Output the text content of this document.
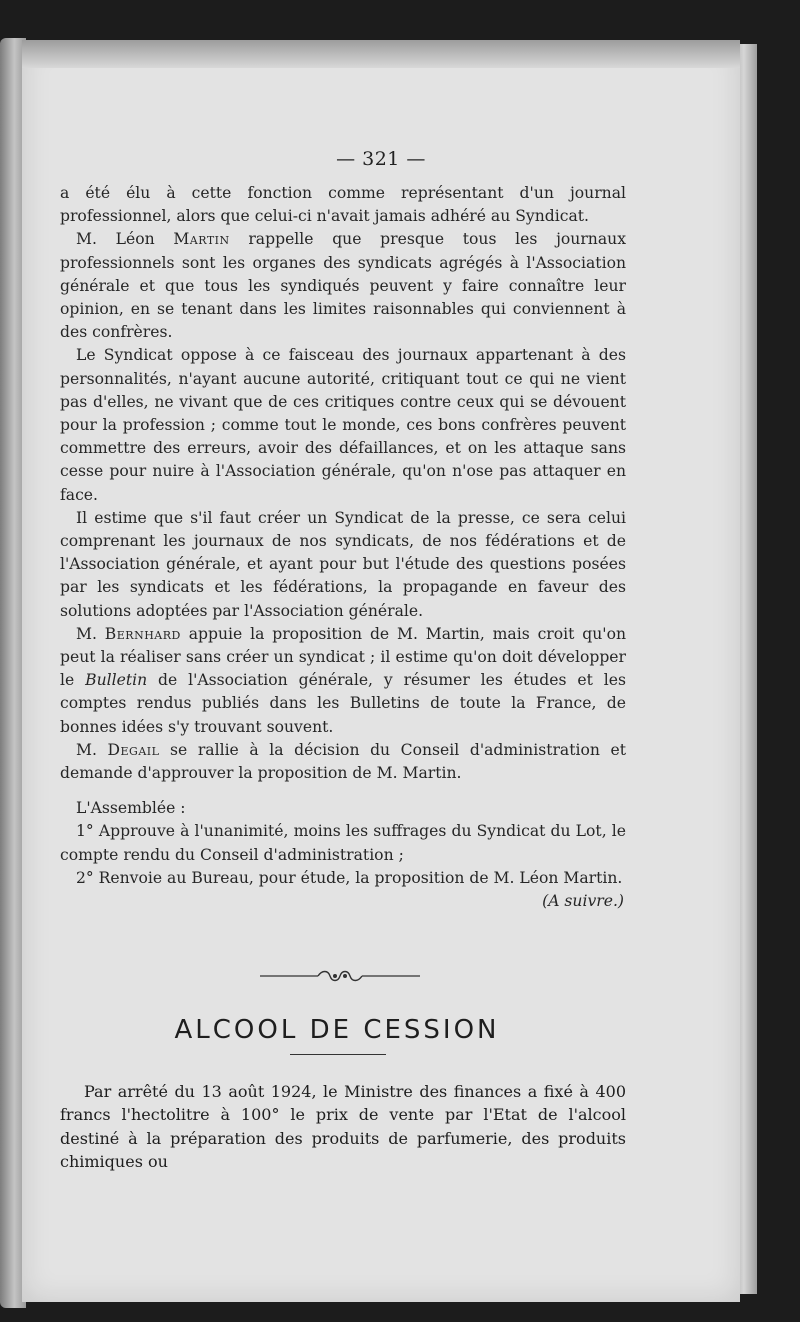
— 321 —

a été élu à cette fonction comme représentant d'un journal professionnel, alors que celui-ci n'avait jamais adhéré au Syndicat.

M. Léon Martin rappelle que presque tous les journaux professionnels sont les organes des syndicats agrégés à l'Association générale et que tous les syndiqués peuvent y faire connaître leur opinion, en se tenant dans les limites raisonnables qui conviennent à des confrères.

Le Syndicat oppose à ce faisceau des journaux appartenant à des personnalités, n'ayant aucune autorité, critiquant tout ce qui ne vient pas d'elles, ne vivant que de ces critiques contre ceux qui se dévouent pour la profession ; comme tout le monde, ces bons confrères peuvent commettre des erreurs, avoir des défaillances, et on les attaque sans cesse pour nuire à l'Association générale, qu'on n'ose pas attaquer en face.

Il estime que s'il faut créer un Syndicat de la presse, ce sera celui comprenant les journaux de nos syndicats, de nos fédérations et de l'Association générale, et ayant pour but l'étude des questions posées par les syndicats et les fédérations, la propagande en faveur des solutions adoptées par l'Association générale.

M. Bernhard appuie la proposition de M. Martin, mais croit qu'on peut la réaliser sans créer un syndicat ; il estime qu'on doit développer le Bulletin de l'Association générale, y résumer les études et les comptes rendus publiés dans les Bulletins de toute la France, de bonnes idées s'y trouvant souvent.

M. Degail se rallie à la décision du Conseil d'administration et demande d'approuver la proposition de M. Martin.

L'Assemblée :

1° Approuve à l'unanimité, moins les suffrages du Syndicat du Lot, le compte rendu du Conseil d'administration ;

2° Renvoie au Bureau, pour étude, la proposition de M. Léon Martin.

(A suivre.)

ALCOOL DE CESSION

Par arrêté du 13 août 1924, le Ministre des finances a fixé à 400 francs l'hectolitre à 100° le prix de vente par l'Etat de l'alcool destiné à la préparation des produits de parfumerie, des produits chimiques ou
